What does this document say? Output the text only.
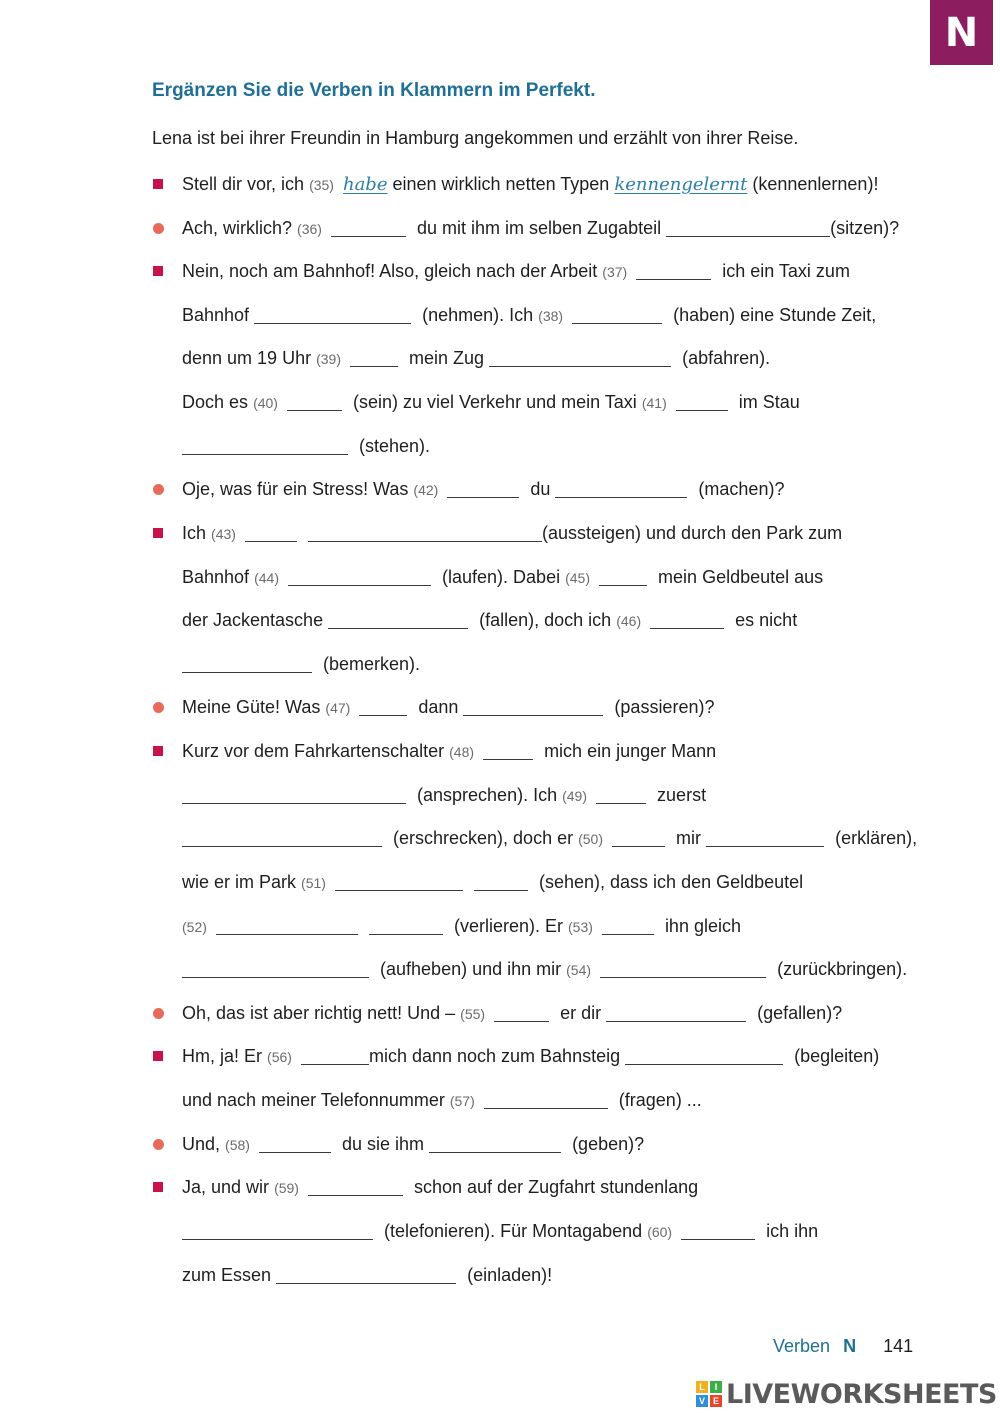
N
Ergänzen Sie die Verben in Klammern im Perfekt.
Lena ist bei ihrer Freundin in Hamburg angekommen und erzählt von ihrer Reise.
Stell dir vor, ich (35) habe einen wirklich netten Typen kennengelernt (kennenlernen)!
Ach, wirklich? (36)	du mit ihm im selben Zugabteil	(sitzen)?
Nein, noch am Bahnhof! Also, gleich nach der Arbeit (37)	ich ein Taxi zum
Bahnhof	(nehmen). Ich (38)	(haben) eine Stunde Zeit,
denn um 19 Uhr (39)	mein Zug	(abfahren).
Doch es (40)	(sein) zu viel Verkehr und mein Taxi (41)	im Stau
(stehen).
Oje, was für ein Stress! Was (42)	du	(machen)?
Ich (43)	(aussteigen) und durch den Park zum
Bahnhof (44)	(laufen). Dabei (45)	mein Geldbeutel aus
der Jackentasche	(fallen), doch ich (46)	es nicht
(bemerken).
Meine Güte! Was (47)	dann	(passieren)?
Kurz vor dem Fahrkartenschalter (48)	mich ein junger Mann
(ansprechen). Ich (49)	zuerst
(erschrecken), doch er (50)	mir	(erklären),
wie er im Park (51)	(sehen), dass ich den Geldbeutel
(52)	(verlieren). Er (53)	ihn gleich
(aufheben) und ihn mir (54)	(zurückbringen).
Oh, das ist aber richtig nett! Und – (55)	er dir	(gefallen)?
Hm, ja! Er (56)	mich dann noch zum Bahnsteig	(begleiten)
und nach meiner Telefonnummer (57)	(fragen) ...
Und, (58)	du sie ihm	(geben)?
Ja, und wir (59)	schon auf der Zugfahrt stundenlang
(telefonieren). Für Montagabend (60)	ich ihn
zum Essen	(einladen)!
Verben N 141
L	I
V E LIVEWORKSHEETS
